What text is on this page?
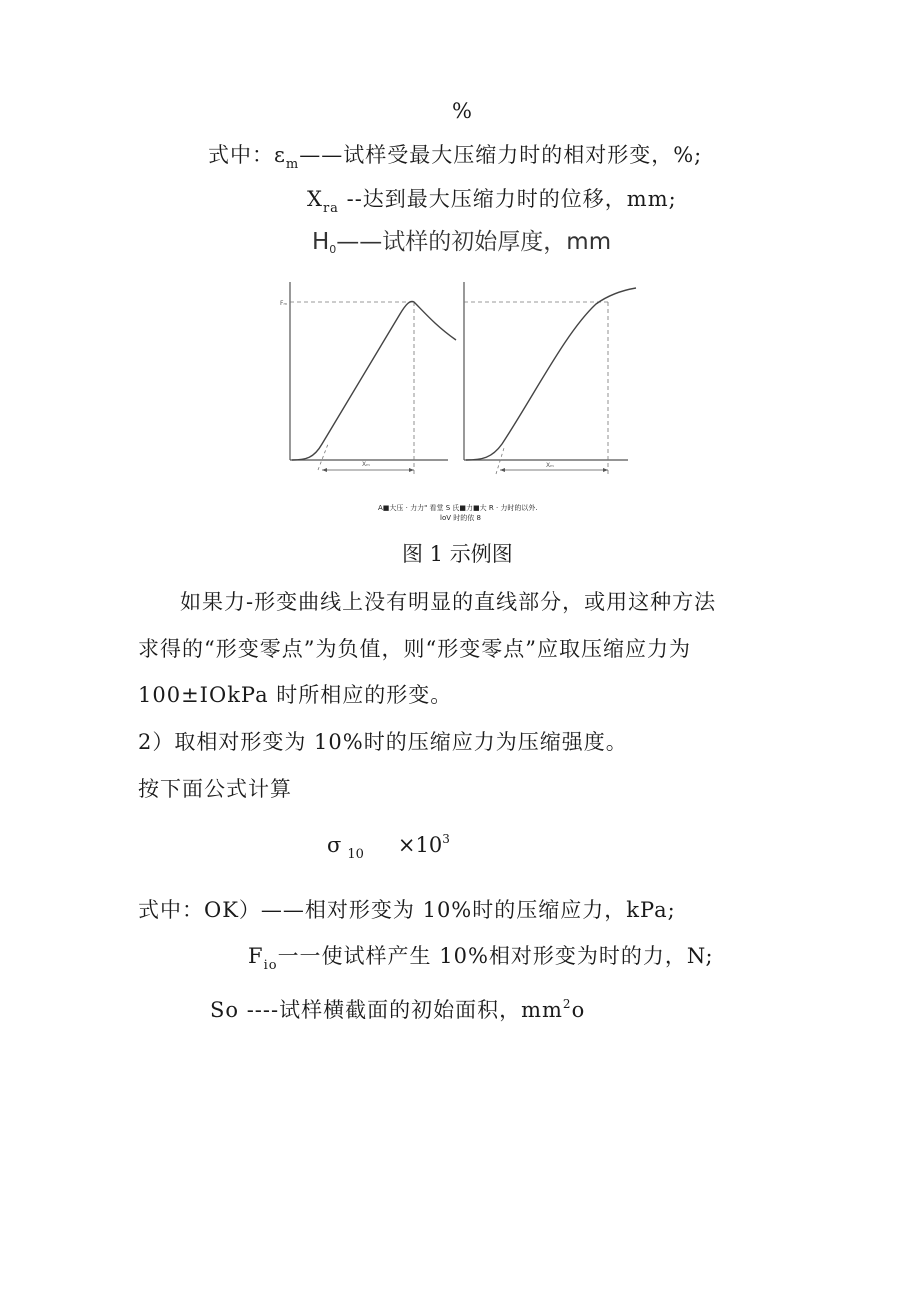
%
式中：$\varepsilon_m——$试样受最大压缩力时的相对形变，%;
$X_{ra}$ --达到最大压缩力时的位移，mm;
H0——试样的初始厚度，mm
Fₘ
Xₘ	Xₘ
A■大压 · 力力" 看堂 S 氏■力■大 R · 力时的以外.
loV 时的依 8
图 1 示例图
如果力-形变曲线上没有明显的直线部分，或用这种方法
求得的“形变零点”为负值，则“形变零点”应取压缩应力为
100±IOkPa 时所相应的形变。
2）取相对形变为 10%时的压缩应力为压缩强度。
按下面公式计算
σ $_{10} \times 10^3$
式中：OK）——相对形变为 10%时的压缩应力，kPa;
$F_{io}$一一使试样产生 10%相对形变为时的力，N;
So ----试样横截面的初始面积，$mm^2o$
